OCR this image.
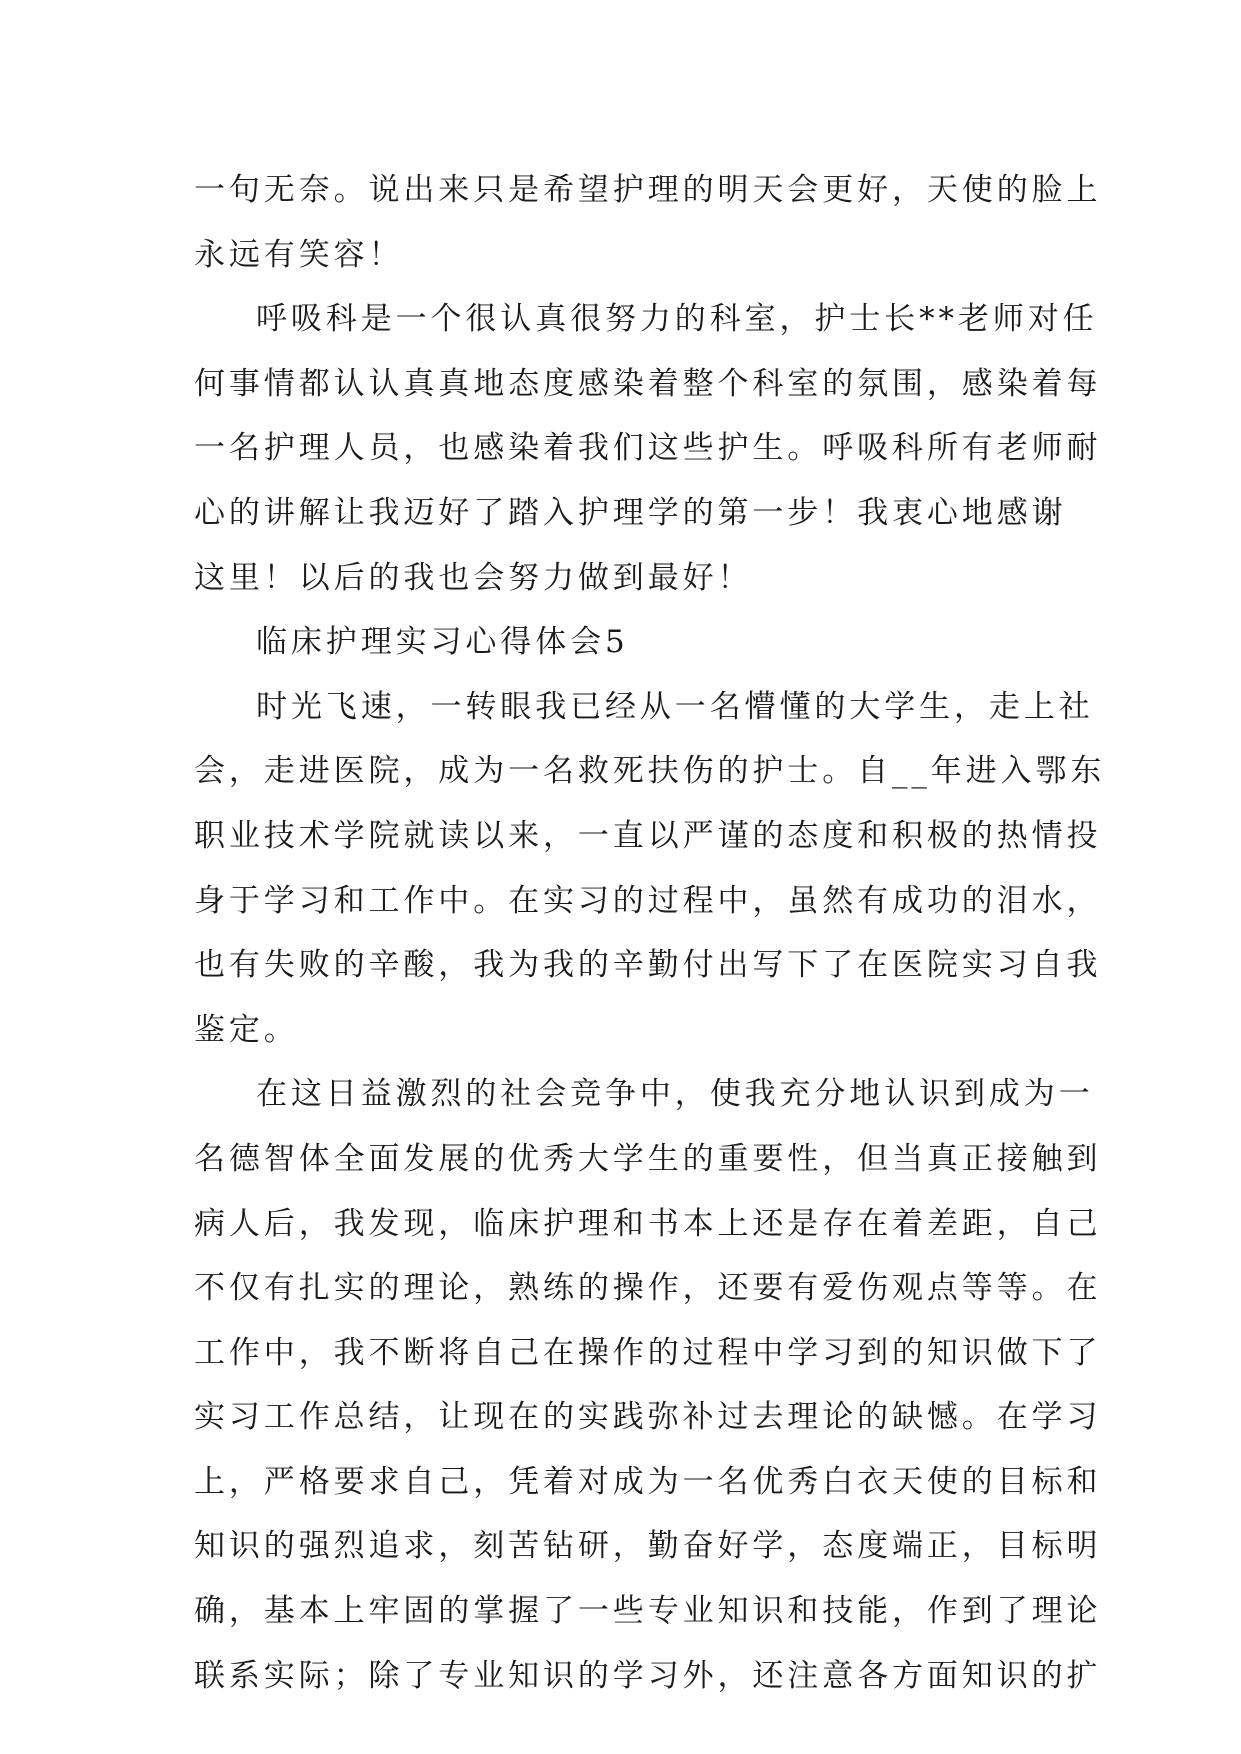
一句无奈。说出来只是希望护理的明天会更好，天使的脸上
永远有笑容！
呼吸科是一个很认真很努力的科室，护士长**老师对任
何事情都认认真真地态度感染着整个科室的氛围，感染着每
一名护理人员，也感染着我们这些护生。呼吸科所有老师耐
心的讲解让我迈好了踏入护理学的第一步！我衷心地感谢
这里！以后的我也会努力做到最好！
临床护理实习心得体会5
时光飞速，一转眼我已经从一名懵懂的大学生，走上社
会，走进医院，成为一名救死扶伤的护士。自__年进入鄂东
职业技术学院就读以来，一直以严谨的态度和积极的热情投
身于学习和工作中。在实习的过程中，虽然有成功的泪水，
也有失败的辛酸，我为我的辛勤付出写下了在医院实习自我
鉴定。
在这日益激烈的社会竞争中，使我充分地认识到成为一
名德智体全面发展的优秀大学生的重要性，但当真正接触到
病人后，我发现，临床护理和书本上还是存在着差距，自己
不仅有扎实的理论，熟练的操作，还要有爱伤观点等等。在
工作中，我不断将自己在操作的过程中学习到的知识做下了
实习工作总结，让现在的实践弥补过去理论的缺憾。在学习
上，严格要求自己，凭着对成为一名优秀白衣天使的目标和
知识的强烈追求，刻苦钻研，勤奋好学，态度端正，目标明
确，基本上牢固的掌握了一些专业知识和技能，作到了理论
联系实际；除了专业知识的学习外，还注意各方面知识的扩
